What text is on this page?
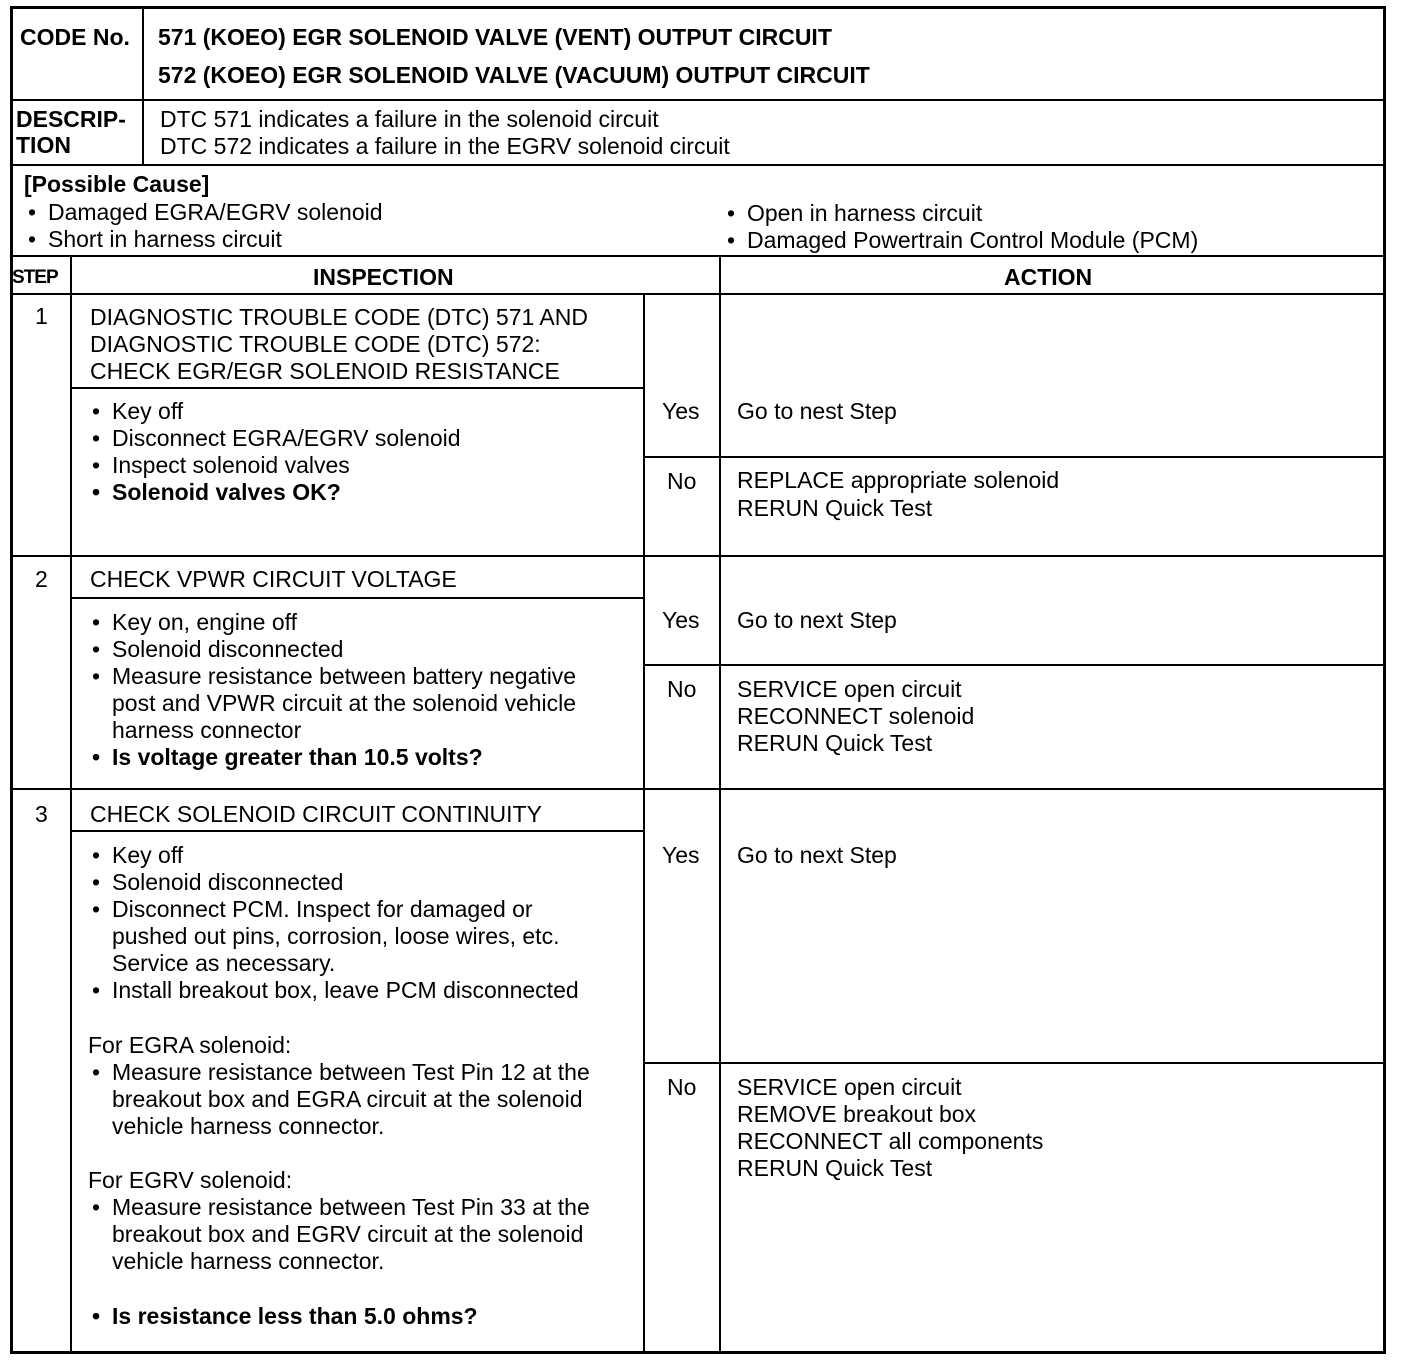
CODE No. 571 (KOEO) EGR SOLENOID VALVE (VENT) OUTPUT CIRCUIT
572 (KOEO) EGR SOLENOID VALVE (VACUUM) OUTPUT CIRCUIT
DESCRIP-
TION
DTC 571 indicates a failure in the solenoid circuit
DTC 572 indicates a failure in the EGRV solenoid circuit
[Possible Cause]
• Damaged EGRA/EGRV solenoid
• Short in harness circuit
• Open in harness circuit
• Damaged Powertrain Control Module (PCM)
STEP	INSPECTION	ACTION
1 DIAGNOSTIC TROUBLE CODE (DTC) 571 AND
DIAGNOSTIC TROUBLE CODE (DTC) 572:
CHECK EGR/EGR SOLENOID RESISTANCE
• Key off
• Disconnect EGRA/EGRV solenoid
• Inspect solenoid valves
• Solenoid valves OK?
Yes Go to nest Step
No REPLACE appropriate solenoid
RERUN Quick Test
2 CHECK VPWR CIRCUIT VOLTAGE
• Key on, engine off
• Solenoid disconnected
• Measure resistance between battery negative
post and VPWR circuit at the solenoid vehicle
harness connector
• Is voltage greater than 10.5 volts?
Yes Go to next Step
No SERVICE open circuit
RECONNECT solenoid
RERUN Quick Test
3 CHECK SOLENOID CIRCUIT CONTINUITY
• Key off
• Solenoid disconnected
• Disconnect PCM. Inspect for damaged or
pushed out pins, corrosion, loose wires, etc.
Service as necessary.
• Install breakout box, leave PCM disconnected
For EGRA solenoid:
• Measure resistance between Test Pin 12 at the
breakout box and EGRA circuit at the solenoid
vehicle harness connector.
For EGRV solenoid:
• Measure resistance between Test Pin 33 at the
breakout box and EGRV circuit at the solenoid
vehicle harness connector.
• Is resistance less than 5.0 ohms?
Yes Go to next Step
No SERVICE open circuit
REMOVE breakout box
RECONNECT all components
RERUN Quick Test
